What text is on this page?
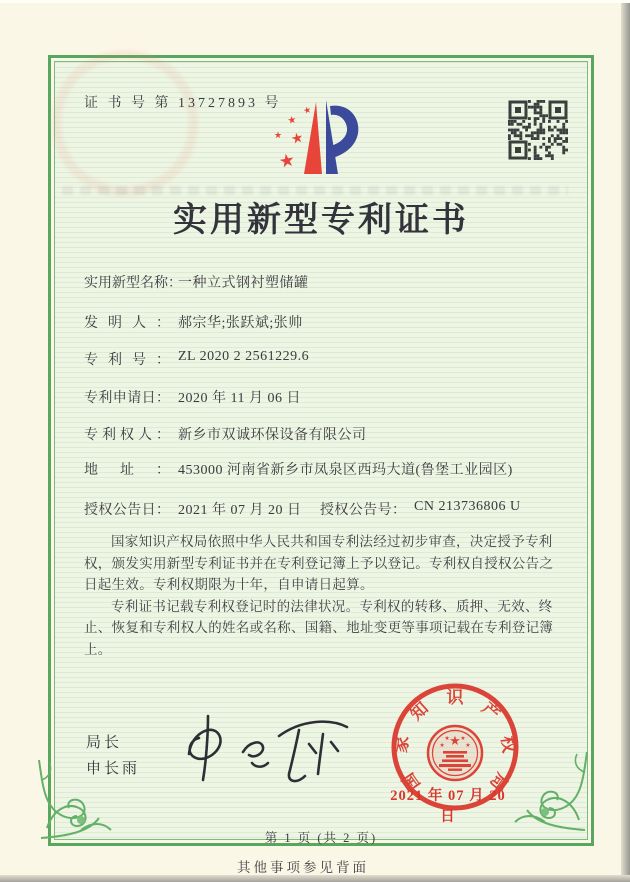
证 书 号 第 13727893 号 ★
★
★ ★
★
实用新型专利证书
实用新型名称：一种立式钢衬塑储罐
发明人： 郝宗华;张跃斌;张帅
专利号： ZL 2020 2 2561229.6
专利申请日： 2020 年 11 月 06 日
专利权人： 新乡市双诚环保设备有限公司
地址： 453000 河南省新乡市凤泉区西玛大道(鲁堡工业园区)
授权公告日： 2021 年 07 月 20 日 授权公告号： CN 213736806 U

国家知识产权局依照中华人民共和国专利法经过初步审查，决定授予专利权，颁发实用新型专利证书并在专利登记簿上予以登记。专利权自授权公告之日起生效。专利权期限为十年，自申请日起算。

专利证书记载专利权登记时的法律状况。专利权的转移、质押、无效、终止、恢复和专利权人的姓名或名称、国籍、地址变更等事项记载在专利登记簿上。

局长
申长雨
国
家
知
识
产
权
局
★
★
★ ★
★
2021 年 07 月 20 日
第 1 页 (共 2 页)
其他事项参见背面
